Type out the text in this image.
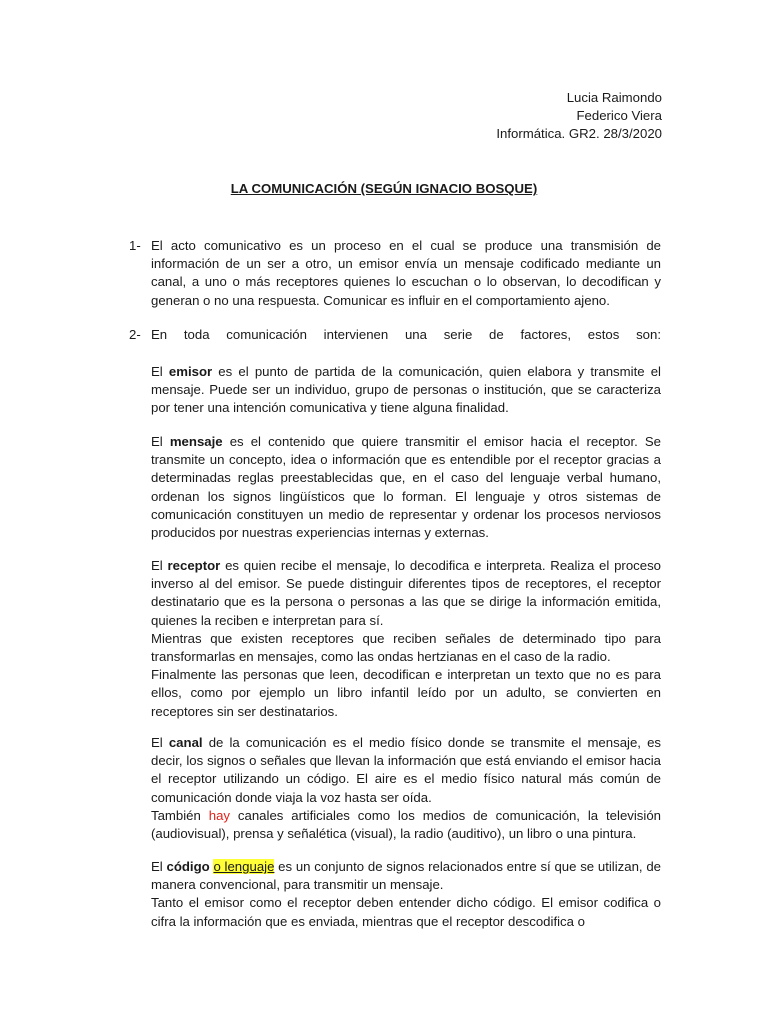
Lucia Raimondo
Federico Viera
Informática. GR2. 28/3/2020
LA COMUNICACIÓN (SEGÚN IGNACIO BOSQUE)
1- El acto comunicativo es un proceso en el cual se produce una transmisión de información de un ser a otro, un emisor envía un mensaje codificado mediante un canal, a uno o más receptores quienes lo escuchan o lo observan, lo decodifican y generan o no una respuesta. Comunicar es influir en el comportamiento ajeno.

2- En toda comunicación intervienen una serie de factores, estos son:

El emisor es el punto de partida de la comunicación, quien elabora y transmite el mensaje. Puede ser un individuo, grupo de personas o institución, que se caracteriza por tener una intención comunicativa y tiene alguna finalidad.

El mensaje es el contenido que quiere transmitir el emisor hacia el receptor. Se transmite un concepto, idea o información que es entendible por el receptor gracias a determinadas reglas preestablecidas que, en el caso del lenguaje verbal humano, ordenan los signos lingüísticos que lo forman. El lenguaje y otros sistemas de comunicación constituyen un medio de representar y ordenar los procesos nerviosos producidos por nuestras experiencias internas y externas.

El receptor es quien recibe el mensaje, lo decodifica e interpreta. Realiza el proceso inverso al del emisor. Se puede distinguir diferentes tipos de receptores, el receptor destinatario que es la persona o personas a las que se dirige la información emitida, quienes la reciben e interpretan para sí.

Mientras que existen receptores que reciben señales de determinado tipo para transformarlas en mensajes, como las ondas hertzianas en el caso de la radio.

Finalmente las personas que leen, decodifican e interpretan un texto que no es para ellos, como por ejemplo un libro infantil leído por un adulto, se convierten en receptores sin ser destinatarios.

El canal de la comunicación es el medio físico donde se transmite el mensaje, es decir, los signos o señales que llevan la información que está enviando el emisor hacia el receptor utilizando un código. El aire es el medio físico natural más común de comunicación donde viaja la voz hasta ser oída.

También hay canales artificiales como los medios de comunicación, la televisión (audiovisual), prensa y señalética (visual), la radio (auditivo), un libro o una pintura.

El código o lenguaje es un conjunto de signos relacionados entre sí que se utilizan, de manera convencional, para transmitir un mensaje.

Tanto el emisor como el receptor deben entender dicho código. El emisor codifica o cifra la información que es enviada, mientras que el receptor descodifica o
